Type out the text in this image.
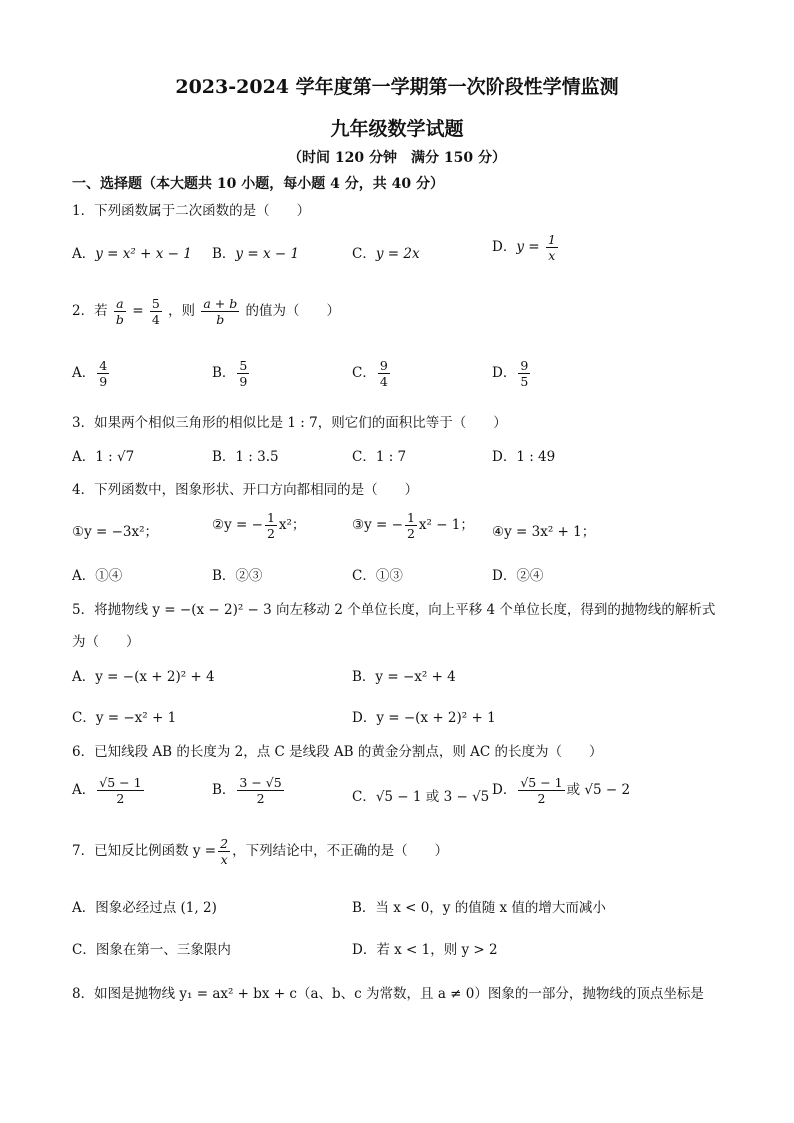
2023-2024 学年度第一学期第一次阶段性学情监测
九年级数学试题
（时间 120 分钟　满分 150 分）
一、选择题（本大题共 10 小题，每小题 4 分，共 40 分）
1．下列函数属于二次函数的是（　　）
A．y = x² + x − 1 B．y = x − 1	C．y = 2x	D．$y = \frac{1}{x}$
2．若 $\frac{a}{b} = \frac{5}{4}$ ，则 $\frac{a + b}{b}$ 的值为（　　）
A． $\frac{4}{9}$	B． $\frac{5}{9}$	C． $\frac{9}{4}$	D． $\frac{9}{5}$
3．如果两个相似三角形的相似比是 1 : 7，则它们的面积比等于（　　）
A．1 : √7	B．1 : 3.5	C．1 : 7	D．1 : 49
4．下列函数中，图象形状、开口方向都相同的是（　　）
①y = −3x²；	②y = − $\frac{1}{2} x^2$；	③y = − $\frac{1}{2} x^2 - 1$； ④y = 3x² + 1；
A．①④	B．②③	C．①③	D．②④
5．将抛物线 y = −(x − 2)² − 3 向左移动 2 个单位长度，向上平移 4 个单位长度，得到的抛物线的解析式
为（　　）
A．y = −(x + 2)² + 4	B．y = −x² + 4
C．y = −x² + 1	D．y = −(x + 2)² + 1
6．已知线段 AB 的长度为 2，点 C 是线段 AB 的黄金分割点，则 AC 的长度为（　　）
A． $\frac{√5 - 1}{2}$	B． $\frac{3 - √5}{2}$	C．√5 − 1 或 3 − √5 D． $\frac{√5 - 1}{2}$ 或 √5 − 2
7．已知反比例函数 $y = \frac{2}{x}$ ，下列结论中，不正确的是（　　）
A．图象必经过点 (1, 2)	B．当 x < 0，y 的值随 x 值的增大而减小
C．图象在第一、三象限内	D．若 x < 1，则 y > 2
8．如图是抛物线 y₁ = ax² + bx + c（a、b、c 为常数，且 a ≠ 0）图象的一部分，抛物线的顶点坐标是
